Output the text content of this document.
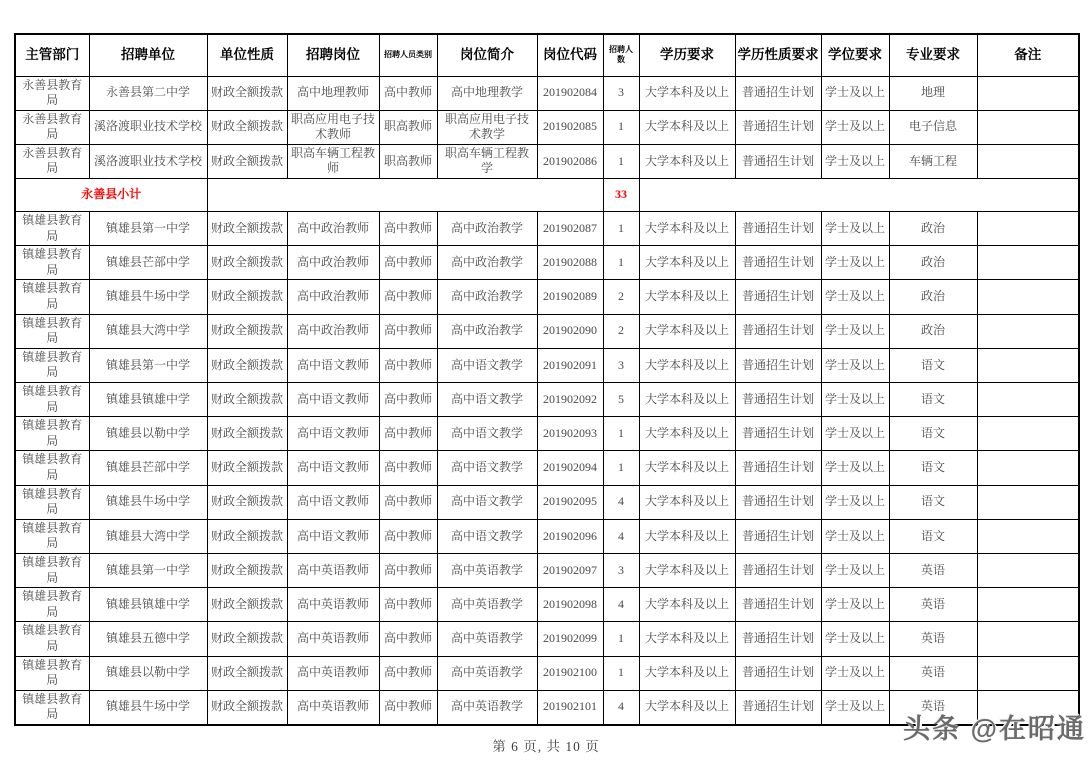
主管部门	招聘单位	单位性质	招聘岗位	招聘人员类别	岗位简介	岗位代码	招聘人数	学历要求	学历性质要求	学位要求	专业要求	备注
永善县教育局	永善县第二中学	财政全额拨款	高中地理教师	高中教师	高中地理教学	201902084	3	大学本科及以上	普通招生计划	学士及以上	地理	
永善县教育局	溪洛渡职业技术学校	财政全额拨款	职高应用电子技术教师	职高教师	职高应用电子技术教学	201902085	1	大学本科及以上	普通招生计划	学士及以上	电子信息	
永善县教育局	溪洛渡职业技术学校	财政全额拨款	职高车辆工程教师	职高教师	职高车辆工程教学	201902086	1	大学本科及以上	普通招生计划	学士及以上	车辆工程	
永善县小计							33					
镇雄县教育局	镇雄县第一中学	财政全额拨款	高中政治教师	高中教师	高中政治教学	201902087	1	大学本科及以上	普通招生计划	学士及以上	政治	
镇雄县教育局	镇雄县芒部中学	财政全额拨款	高中政治教师	高中教师	高中政治教学	201902088	1	大学本科及以上	普通招生计划	学士及以上	政治	
镇雄县教育局	镇雄县牛场中学	财政全额拨款	高中政治教师	高中教师	高中政治教学	201902089	2	大学本科及以上	普通招生计划	学士及以上	政治	
镇雄县教育局	镇雄县大湾中学	财政全额拨款	高中政治教师	高中教师	高中政治教学	201902090	2	大学本科及以上	普通招生计划	学士及以上	政治	
镇雄县教育局	镇雄县第一中学	财政全额拨款	高中语文教师	高中教师	高中语文教学	201902091	3	大学本科及以上	普通招生计划	学士及以上	语文	
镇雄县教育局	镇雄县镇雄中学	财政全额拨款	高中语文教师	高中教师	高中语文教学	201902092	5	大学本科及以上	普通招生计划	学士及以上	语文	
镇雄县教育局	镇雄县以勒中学	财政全额拨款	高中语文教师	高中教师	高中语文教学	201902093	1	大学本科及以上	普通招生计划	学士及以上	语文	
镇雄县教育局	镇雄县芒部中学	财政全额拨款	高中语文教师	高中教师	高中语文教学	201902094	1	大学本科及以上	普通招生计划	学士及以上	语文	
镇雄县教育局	镇雄县牛场中学	财政全额拨款	高中语文教师	高中教师	高中语文教学	201902095	4	大学本科及以上	普通招生计划	学士及以上	语文	
镇雄县教育局	镇雄县大湾中学	财政全额拨款	高中语文教师	高中教师	高中语文教学	201902096	4	大学本科及以上	普通招生计划	学士及以上	语文	
镇雄县教育局	镇雄县第一中学	财政全额拨款	高中英语教师	高中教师	高中英语教学	201902097	3	大学本科及以上	普通招生计划	学士及以上	英语	
镇雄县教育局	镇雄县镇雄中学	财政全额拨款	高中英语教师	高中教师	高中英语教学	201902098	4	大学本科及以上	普通招生计划	学士及以上	英语	
镇雄县教育局	镇雄县五德中学	财政全额拨款	高中英语教师	高中教师	高中英语教学	201902099	1	大学本科及以上	普通招生计划	学士及以上	英语	
镇雄县教育局	镇雄县以勒中学	财政全额拨款	高中英语教师	高中教师	高中英语教学	201902100	1	大学本科及以上	普通招生计划	学士及以上	英语	
镇雄县教育局	镇雄县牛场中学	财政全额拨款	高中英语教师	高中教师	高中英语教学	201902101	4	大学本科及以上	普通招生计划	学士及以上	英语	
第 6 页, 共 10 页
头条 @在昭通
